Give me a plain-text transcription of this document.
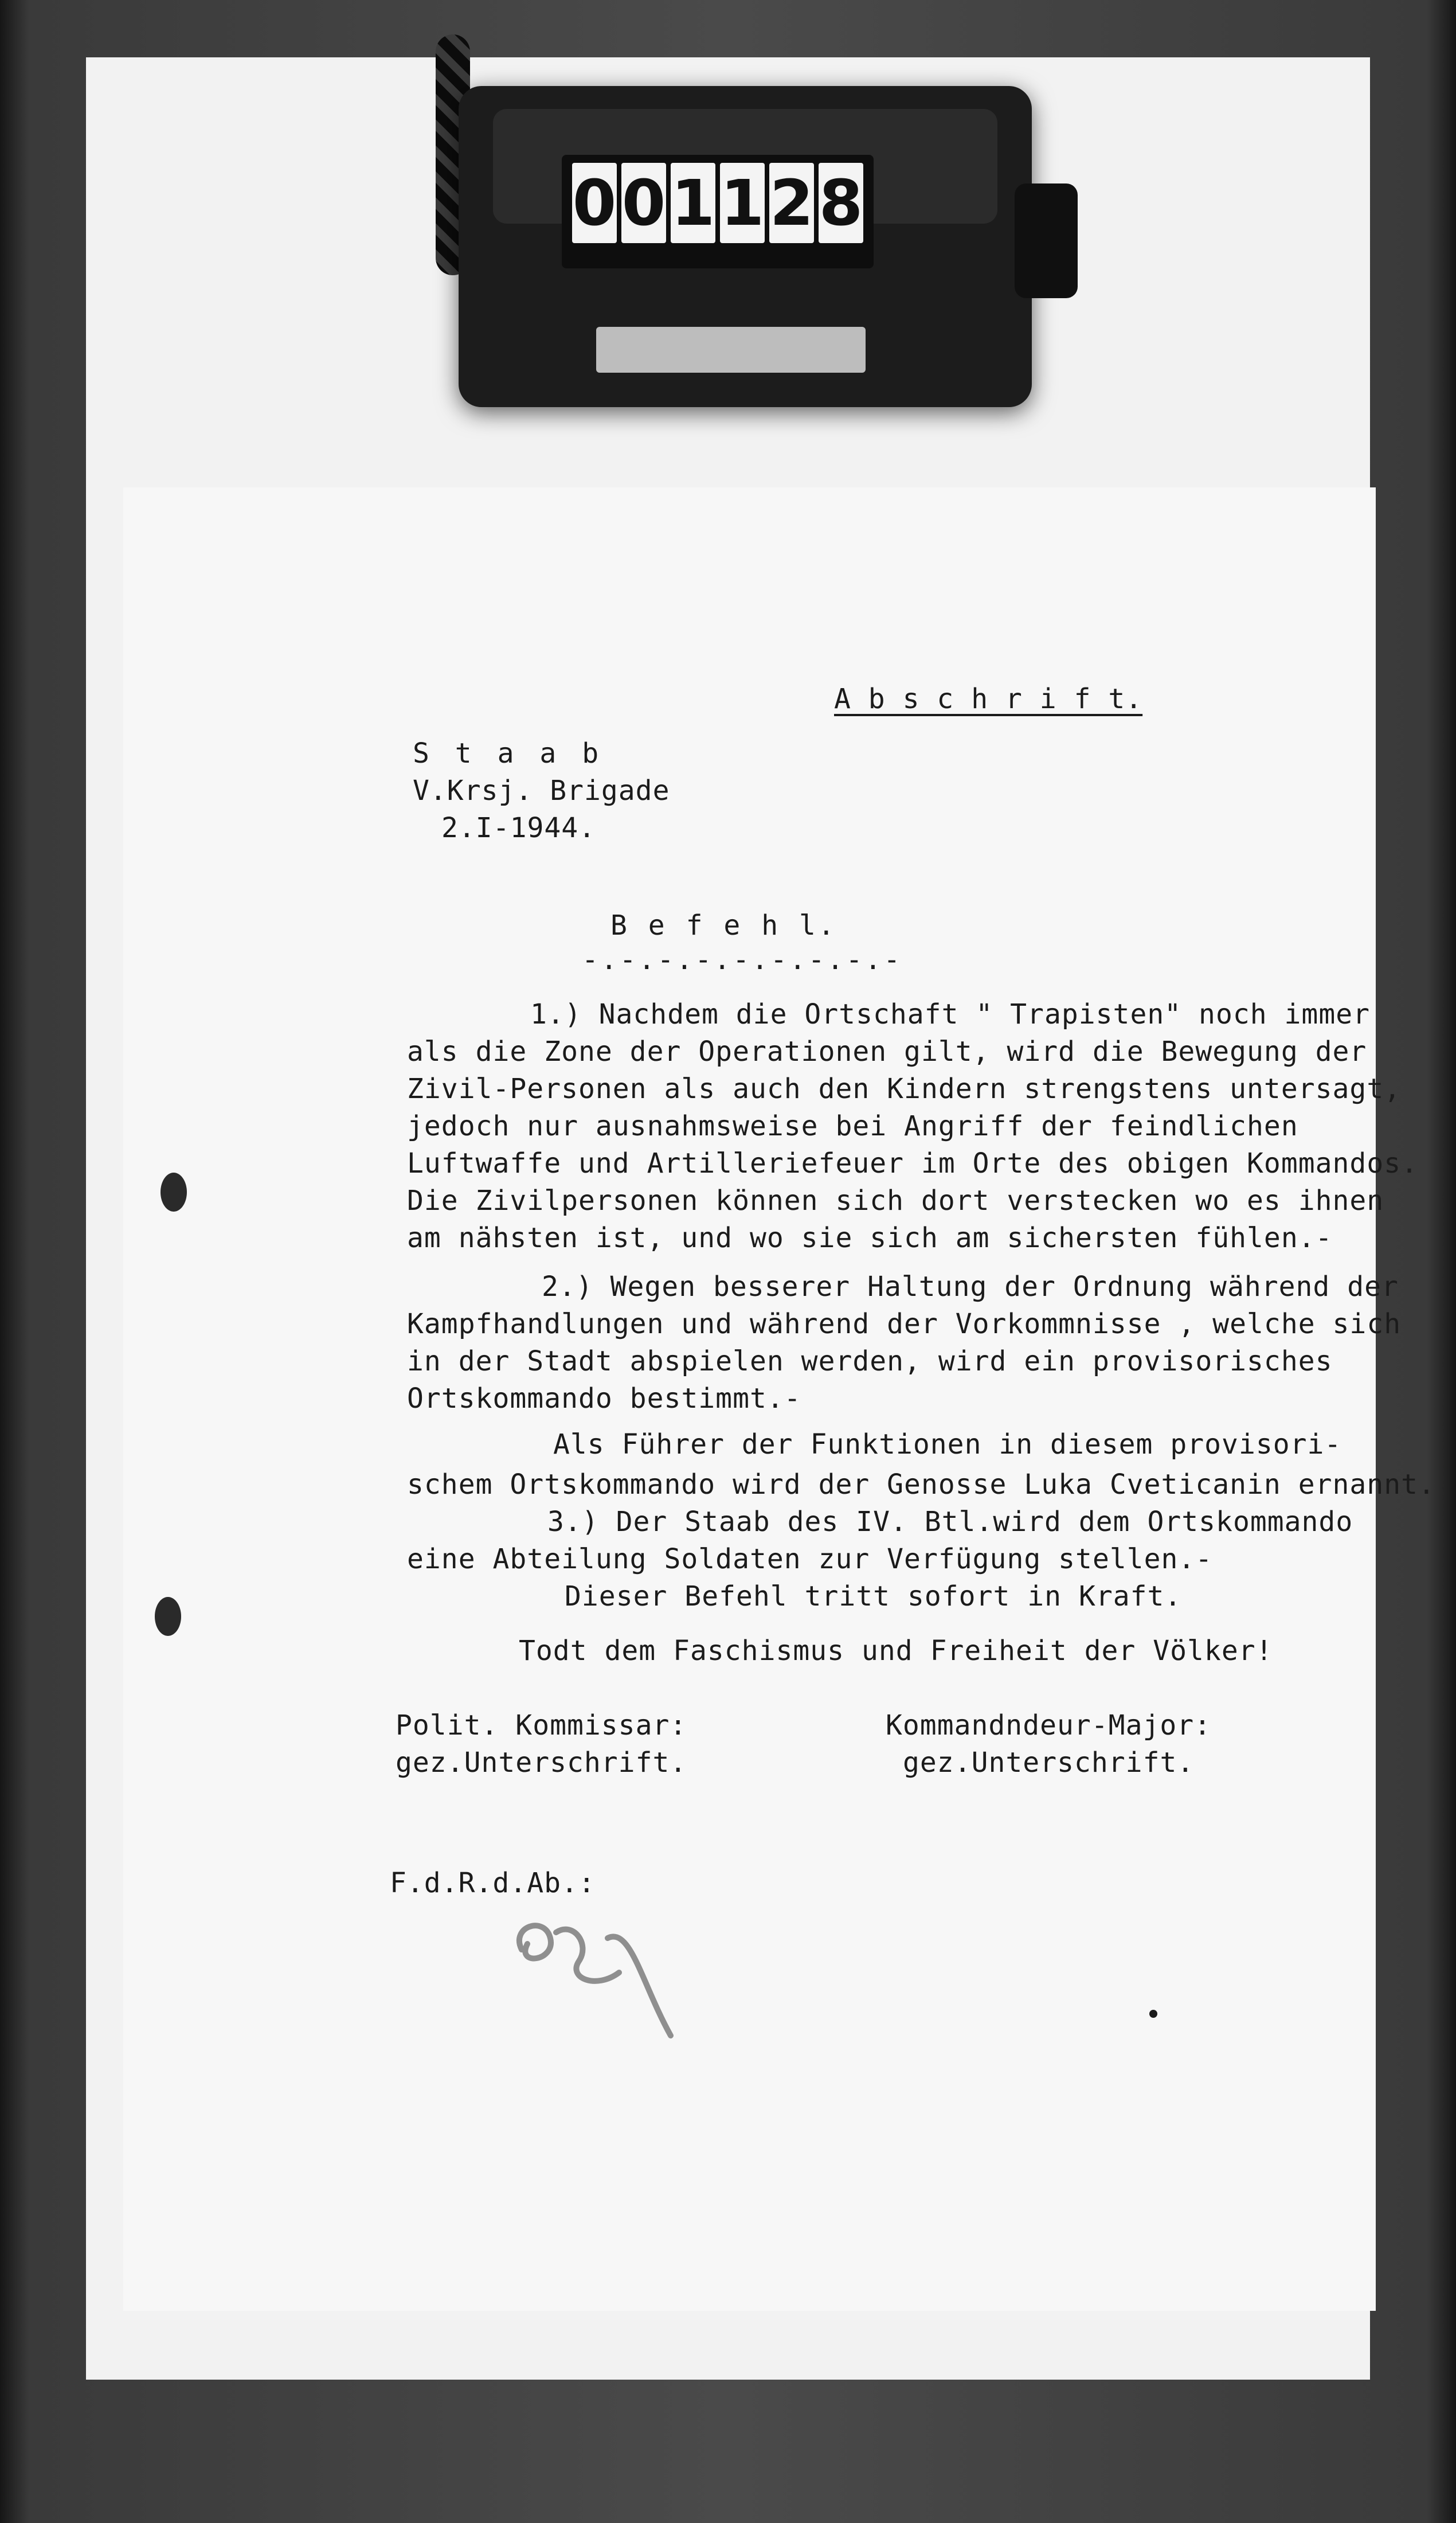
0 0 1 1 2 8
A b s c h r i f t.
S t a a b
V.Krsj. Brigade
2.I-1944.
B e f e h l.
-.-.-.-.-.-.-.-.-
1.) Nachdem die Ortschaft " Trapisten" noch immer
als die Zone der Operationen gilt, wird die Bewegung der
Zivil-Personen als auch den Kindern strengstens untersagt,
jedoch nur ausnahmsweise bei Angriff der feindlichen
Luftwaffe und Artilleriefeuer im Orte des obigen Kommandos.
Die Zivilpersonen können sich dort verstecken wo es ihnen
am nähsten ist, und wo sie sich am sichersten fühlen.-
2.) Wegen besserer Haltung der Ordnung während der
Kampfhandlungen und während der Vorkommnisse , welche sich
in der Stadt abspielen werden, wird ein provisorisches
Ortskommando bestimmt.-
Als Führer der Funktionen in diesem provisori-
schem Ortskommando wird der Genosse Luka Cveticanin ernannt.
3.) Der Staab des IV. Btl.wird dem Ortskommando
eine Abteilung Soldaten zur Verfügung stellen.-
Dieser Befehl tritt sofort in Kraft.
Todt dem Faschismus und Freiheit der Völker!
Polit. Kommissar:
gez.Unterschrift.
Kommandndeur-Major:
gez.Unterschrift.
F.d.R.d.Ab.:
